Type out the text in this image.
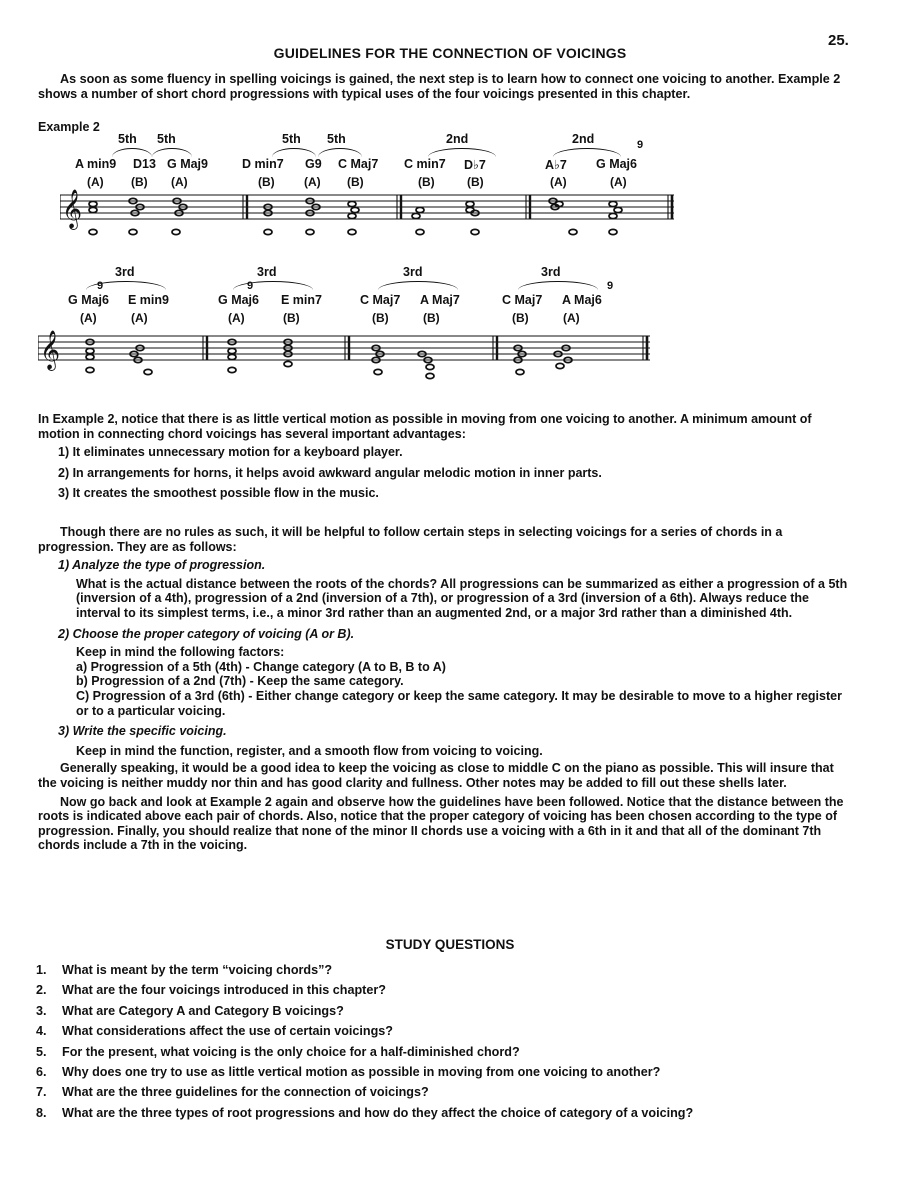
25.
GUIDELINES FOR THE CONNECTION OF VOICINGS
As soon as some fluency in spelling voicings is gained, the next step is to learn how to connect one voicing to another. Example 2 shows a number of short chord progressions with typical uses of the four voicings presented in this chapter.
Example 2
5th 5th	5th 5th	2nd	2nd	9
A min9 D13 G Maj9	D min7 G9 C Maj7 C min7 D♭7	A♭7 G Maj6
(A) (B) (A)	(B) (A) (B)	(B)	(B)	(A)	(A)
𝄞
3rd	3rd	3rd	3rd
9	9	9
G Maj6 E min9	G Maj6 E min7	C Maj7 A Maj7	C Maj7 A Maj6
(A)	(A)	(A)	(B)	(B)	(B)	(B)	(A)
𝄞

In Example 2, notice that there is as little vertical motion as possible in moving from one voicing to another. A minimum amount of motion in connecting chord voicings has several important advantages:

1) It eliminates unnecessary motion for a keyboard player.

2) In arrangements for horns, it helps avoid awkward angular melodic motion in inner parts.

3) It creates the smoothest possible flow in the music.

Though there are no rules as such, it will be helpful to follow certain steps in selecting voicings for a series of chords in a progression. They are as follows:

1) Analyze the type of progression.

What is the actual distance between the roots of the chords? All progressions can be summarized as either a progression of a 5th (inversion of a 4th), progression of a 2nd (inversion of a 7th), or progression of a 3rd (inversion of a 6th). Always reduce the interval to its simplest terms, i.e., a minor 3rd rather than an augmented 2nd, or a major 3rd rather than a diminished 4th.

2) Choose the proper category of voicing (A or B).

Keep in mind the following factors:

a) Progression of a 5th (4th) - Change category (A to B, B to A)

b) Progression of a 2nd (7th) - Keep the same category.

C) Progression of a 3rd (6th) - Either change category or keep the same category. It may be desirable to move to a higher register or to a particular voicing.

3) Write the specific voicing.

Keep in mind the function, register, and a smooth flow from voicing to voicing.

Generally speaking, it would be a good idea to keep the voicing as close to middle C on the piano as possible. This will insure that the voicing is neither muddy nor thin and has good clarity and fullness. Other notes may be added to fill out these shells later.

Now go back and look at Example 2 again and observe how the guidelines have been followed. Notice that the distance between the roots is indicated above each pair of chords. Also, notice that the proper category of voicing has been chosen according to the type of progression. Finally, you should realize that none of the minor II chords use a voicing with a 6th in it and that all of the dominant 7th chords include a 7th in the voicing.

STUDY QUESTIONS
1.	What is meant by the term “voicing chords”?
2.	What are the four voicings introduced in this chapter?
3.	What are Category A and Category B voicings?
4.	What considerations affect the use of certain voicings?
5.	For the present, what voicing is the only choice for a half-diminished chord?
6.	Why does one try to use as little vertical motion as possible in moving from one voicing to another?
7.	What are the three guidelines for the connection of voicings?
8.	What are the three types of root progressions and how do they affect the choice of category of a voicing?
